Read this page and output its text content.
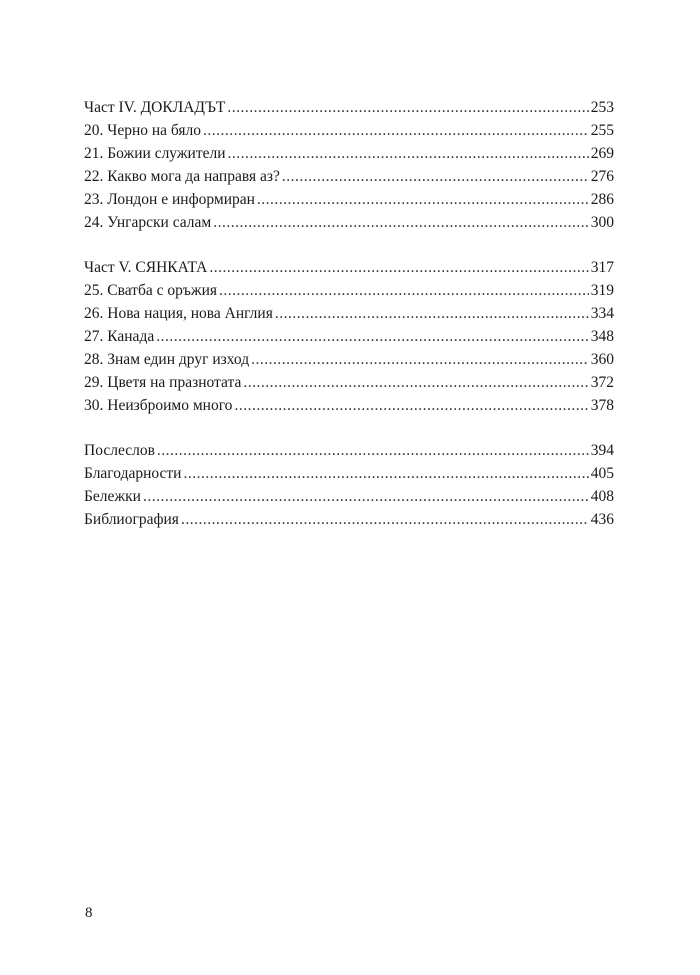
Част IV. ДОКЛАДЪТ .....	253
20. Черно на бяло .....	255
21. Божии служители .....	269
22. Какво мога да направя аз? .....	276
23. Лондон е информиран .....	286
24. Унгарски салам .....	300
Част V. СЯНКАТА .....	317
25. Сватба с оръжия .....	319
26. Нова нация, нова Англия .....	334
27. Канада .....	348
28. Знам един друг изход .....	360
29. Цветя на празнотата .....	372
30. Неизброимо много .....	378
Послеслов .....	394
Благодарности .....	405
Бележки .....	408
Библиография .....	436
8
